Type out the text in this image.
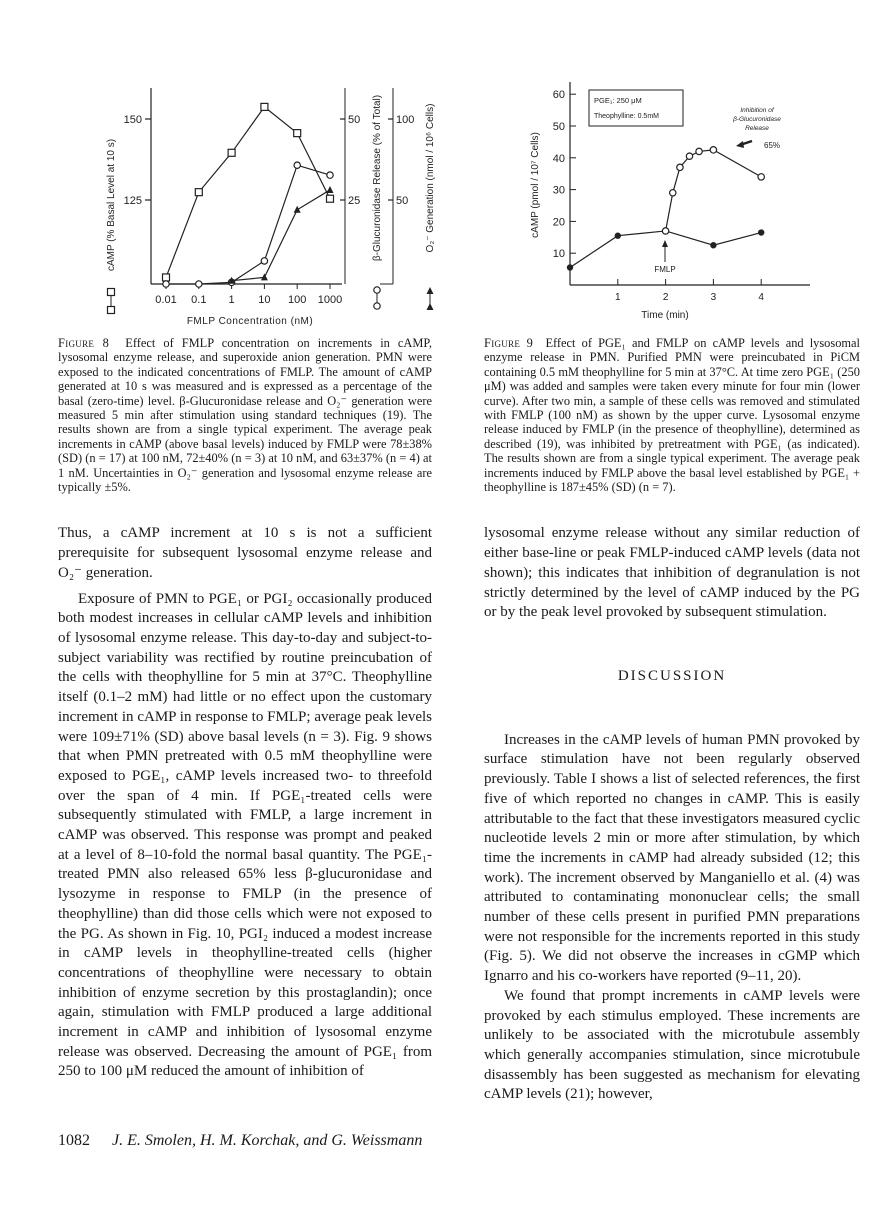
150
125
50
25
100
50
0.01 0.1 1 10 100 1000
FMLP Concentration (nM)
cAMP (% Basal Level at 10 s)	β-Glucuronidase Release (% of Total)	O₂⁻ Generation (nmol / 10⁶ Cells)
10
20
30
40
50
60
1	2	3	4
Time (min)
cAMP (pmol / 10⁷ Cells)
PGE₁: 250 μM
Theophylline: 0.5mM
Inhibition of
β-Glucuronidase
Release
65%
FMLP
Figure 8 Effect of FMLP concentration on increments in cAMP, lysosomal enzyme release, and superoxide anion generation. PMN were exposed to the indicated concentrations of FMLP. The amount of cAMP generated at 10 s was measured and is expressed as a percentage of the basal (zero-time) level. β-Glucuronidase release and O₂⁻ generation were measured 5 min after stimulation using standard techniques (19). The results shown are from a single typical experiment. The average peak increments in cAMP (above basal levels) induced by FMLP were 78±38% (SD) (n = 17) at 100 nM, 72±40% (n = 3) at 10 nM, and 63±37% (n = 4) at 1 nM. Uncertainties in O₂⁻ generation and lysosomal enzyme release are typically ±5%.
Figure 9 Effect of PGE₁ and FMLP on cAMP levels and lysosomal enzyme release in PMN. Purified PMN were preincubated in PiCM containing 0.5 mM theophylline for 5 min at 37°C. At time zero PGE₁ (250 μM) was added and samples were taken every minute for four min (lower curve). After two min, a sample of these cells was removed and stimulated with FMLP (100 nM) as shown by the upper curve. Lysosomal enzyme release induced by FMLP (in the presence of theophylline), determined as described (19), was inhibited by pretreatment with PGE₁ (as indicated). The results shown are from a single typical experiment. The average peak increments induced by FMLP above the basal level established by PGE₁ + theophylline is 187±45% (SD) (n = 7).

Thus, a cAMP increment at 10 s is not a sufficient prerequisite for subsequent lysosomal enzyme release and O₂⁻ generation.

Exposure of PMN to PGE₁ or PGI₂ occasionally produced both modest increases in cellular cAMP levels and inhibition of lysosomal enzyme release. This day-to-day and subject-to-subject variability was rectified by routine preincubation of the cells with theophylline for 5 min at 37°C. Theophylline itself (0.1–2 mM) had little or no effect upon the customary increment in cAMP in response to FMLP; average peak levels were 109±71% (SD) above basal levels (n = 3). Fig. 9 shows that when PMN pretreated with 0.5 mM theophylline were exposed to PGE₁, cAMP levels increased two- to threefold over the span of 4 min. If PGE₁-treated cells were subsequently stimulated with FMLP, a large increment in cAMP was observed. This response was prompt and peaked at a level of 8–10-fold the normal basal quantity. The PGE₁-treated PMN also released 65% less β-glucuronidase and lysozyme in response to FMLP (in the presence of theophylline) than did those cells which were not exposed to the PG. As shown in Fig. 10, PGI₂ induced a modest increase in cAMP levels in theophylline-treated cells (higher concentrations of theophylline were necessary to obtain inhibition of enzyme secretion by this prostaglandin); once again, stimulation with FMLP produced a large additional increment in cAMP and inhibition of lysosomal enzyme release was observed. Decreasing the amount of PGE₁ from 250 to 100 μM reduced the amount of inhibition of

lysosomal enzyme release without any similar reduction of either base-line or peak FMLP-induced cAMP levels (data not shown); this indicates that inhibition of degranulation is not strictly determined by the level of cAMP induced by the PG or by the peak level provoked by subsequent stimulation.

DISCUSSION

Increases in the cAMP levels of human PMN provoked by surface stimulation have not been regularly observed previously. Table I shows a list of selected references, the first five of which reported no changes in cAMP. This is easily attributable to the fact that these investigators measured cyclic nucleotide levels 2 min or more after stimulation, by which time the increments in cAMP had already subsided (12; this work). The increment observed by Manganiello et al. (4) was attributed to contaminating mononuclear cells; the small number of these cells present in purified PMN preparations were not responsible for the increments reported in this study (Fig. 5). We did not observe the increases in cGMP which Ignarro and his co-workers have reported (9–11, 20).

We found that prompt increments in cAMP levels were provoked by each stimulus employed. These increments are unlikely to be associated with the microtubule assembly which generally accompanies stimulation, since microtubule disassembly has been suggested as mechanism for elevating cAMP levels (21); however,

1082 J. E. Smolen, H. M. Korchak, and G. Weissmann
